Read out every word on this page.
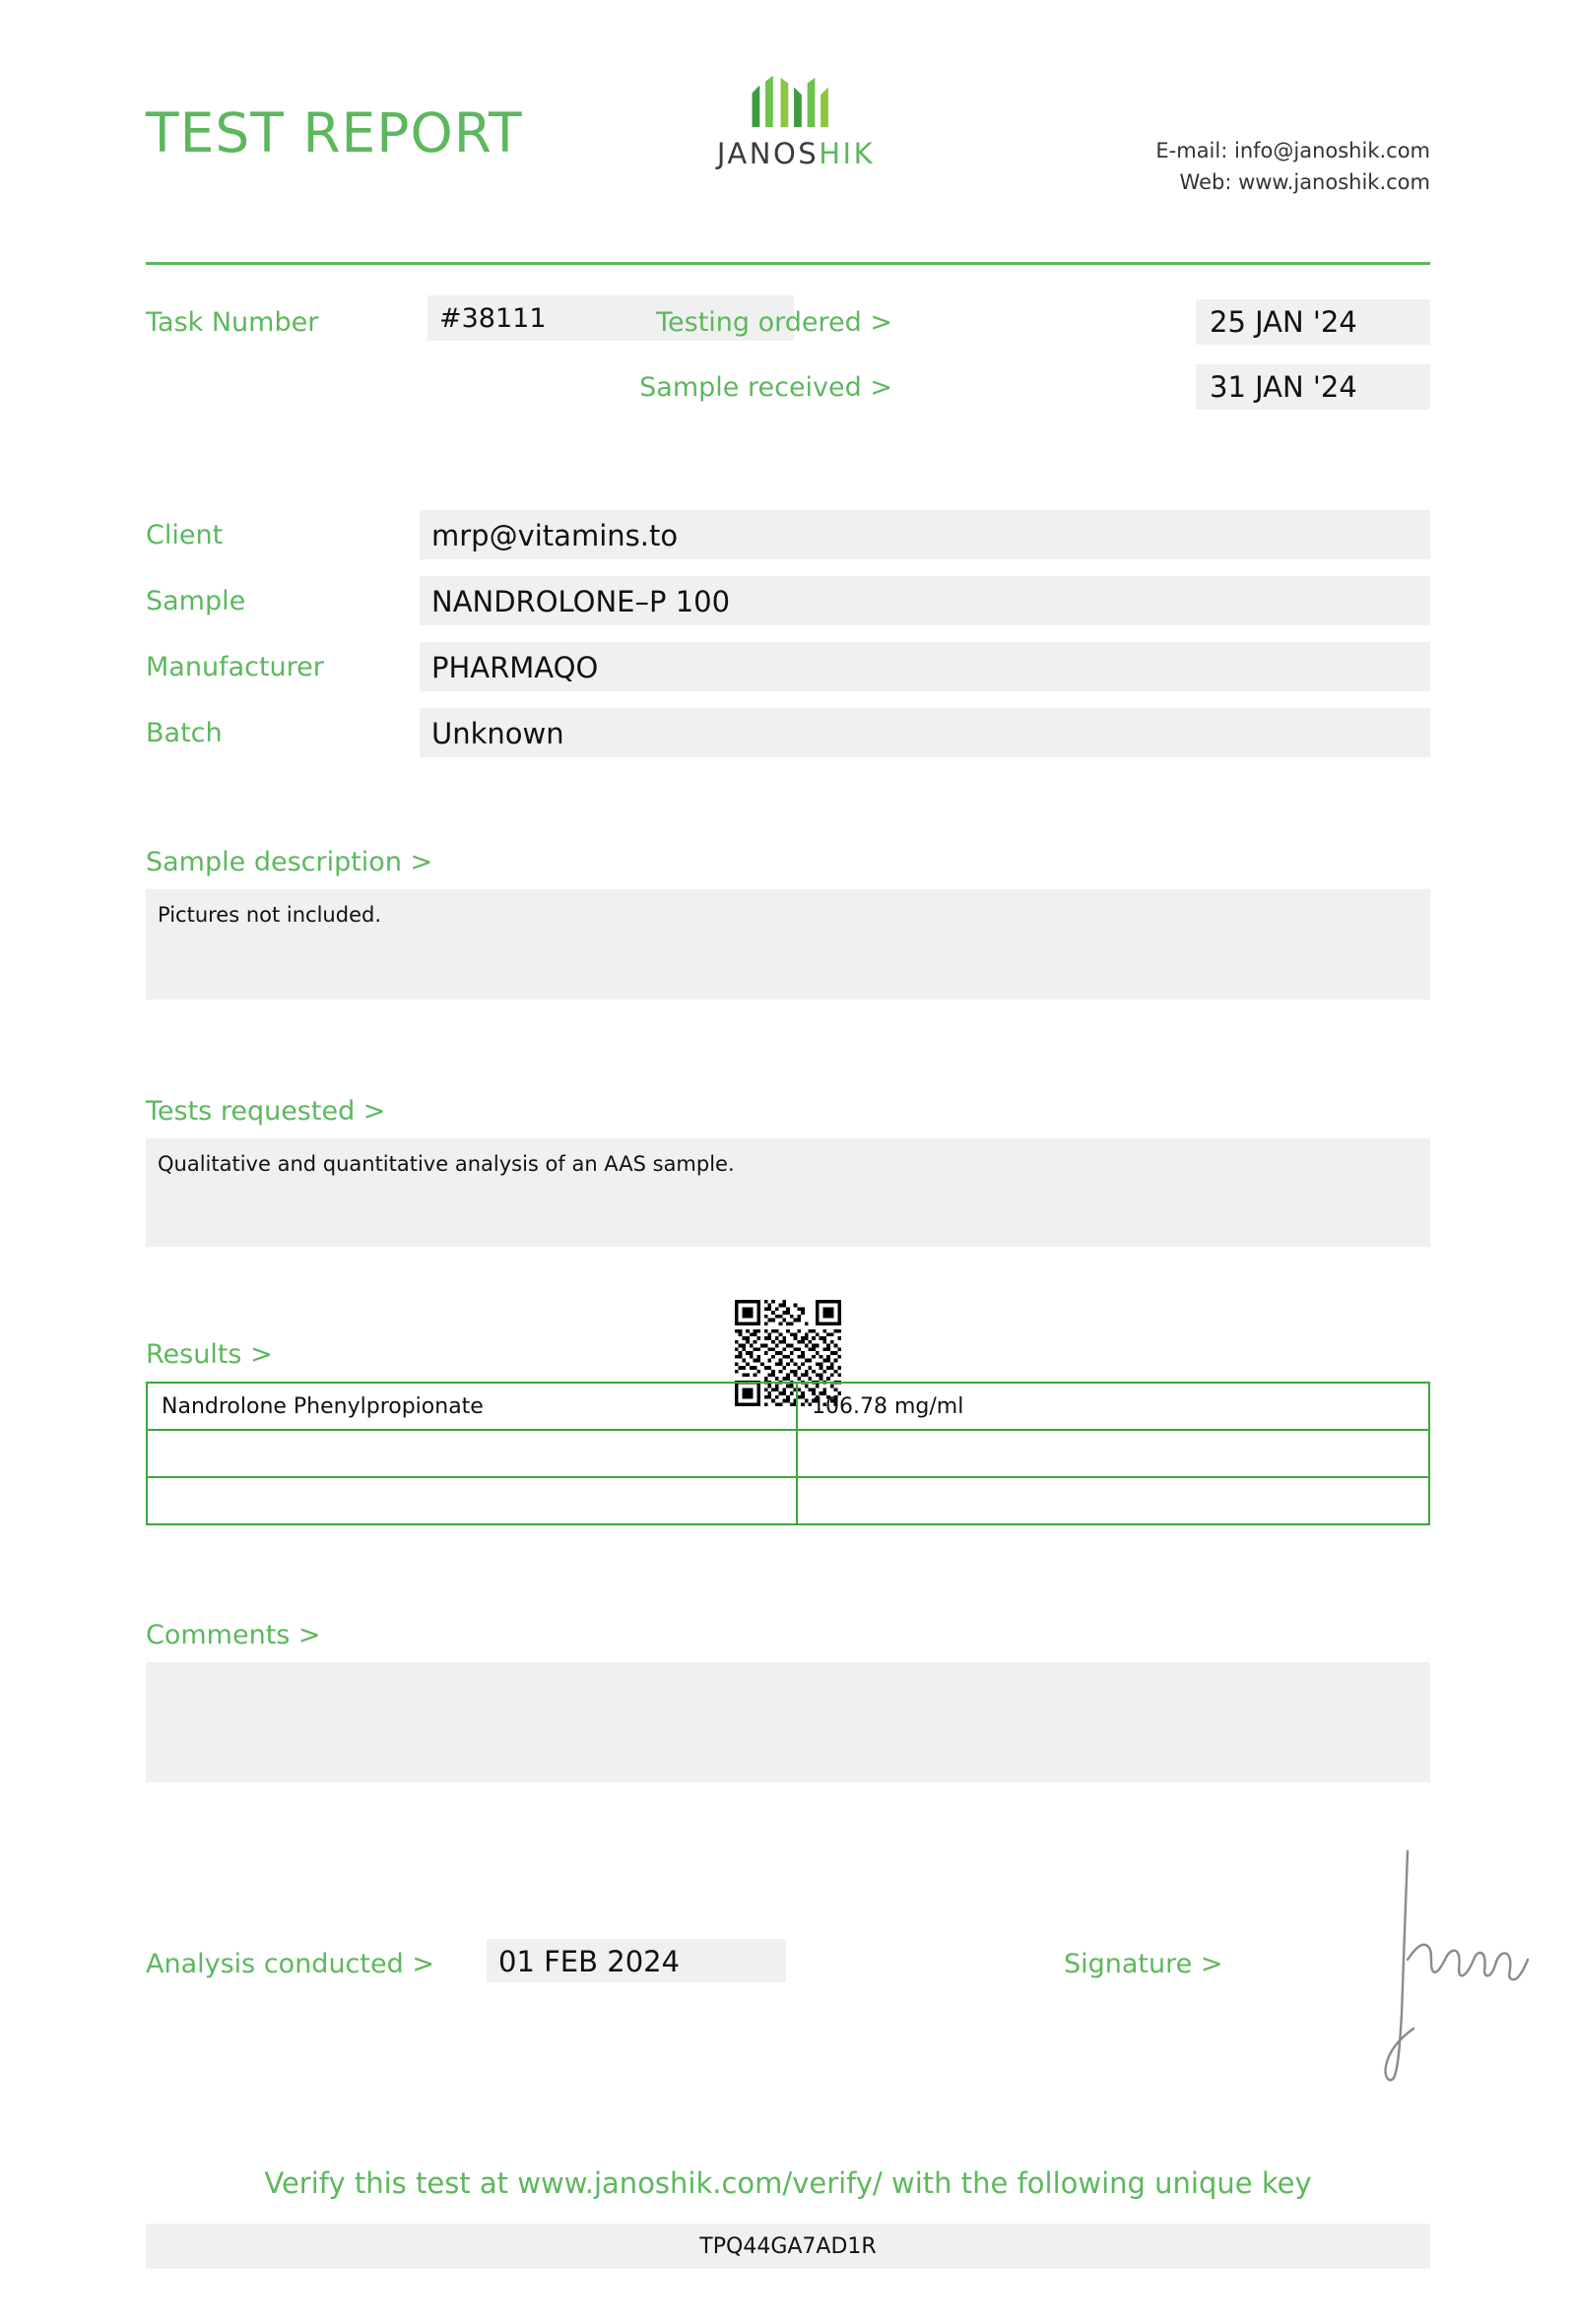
TEST REPORT	JANOSHIK	E-mail: info@janoshik.com
Web: www.janoshik.com
Task Number	#38111	Testing ordered >	25 JAN '24
Sample received >	31 JAN '24
Client	mrp@vitamins.to
Sample	NANDROLONE–P 100
Manufacturer	PHARMAQO
Batch	Unknown
Sample description >
Pictures not included.
Tests requested >
Qualitative and quantitative analysis of an AAS sample.
Results >
Nandrolone Phenylpropionate	106.78 mg/ml

Comments >
Analysis conducted >	01 FEB 2024	Signature >
Verify this test at www.janoshik.com/verify/ with the following unique key
TPQ44GA7AD1R
